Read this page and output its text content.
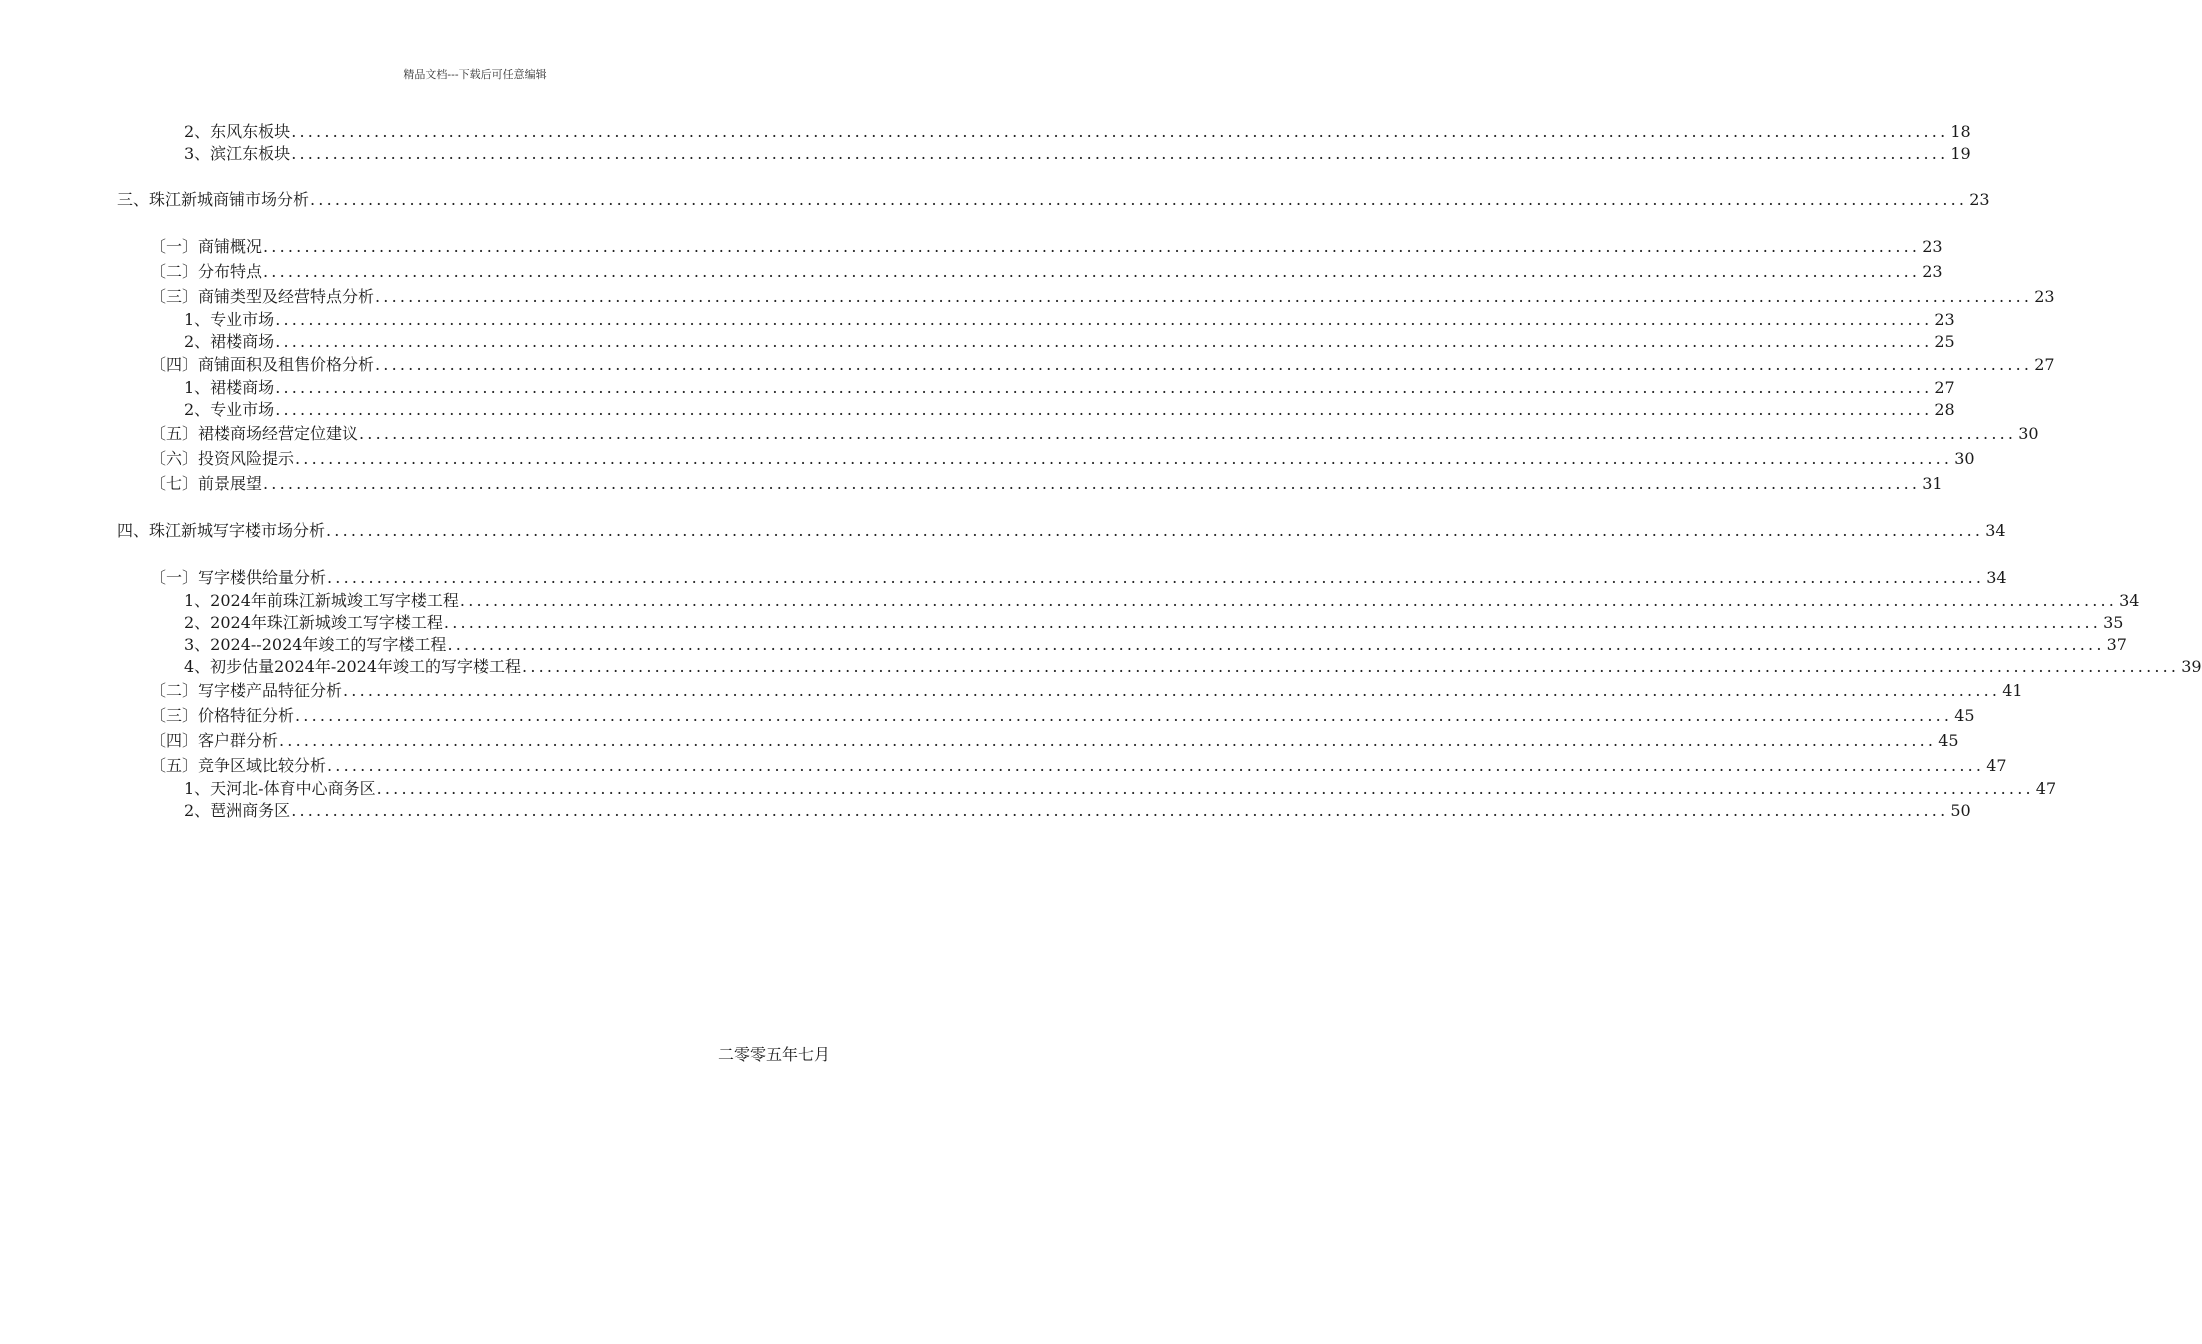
精品文档---下载后可任意编辑
2、东风东板块 ........................................................................................................................................................................................................ 18
3、滨江东板块 ........................................................................................................................................................................................................ 19
三、珠江新城商铺市场分析 ........................................................................................................................................................................................................ 23
〔一〕商铺概况 ........................................................................................................................................................................................................ 23
〔二〕分布特点 ........................................................................................................................................................................................................ 23
〔三〕商铺类型及经营特点分析 ........................................................................................................................................................................................................ 23
1、专业市场 ........................................................................................................................................................................................................ 23
2、裙楼商场 ........................................................................................................................................................................................................ 25
〔四〕商铺面积及租售价格分析 ........................................................................................................................................................................................................ 27
1、裙楼商场 ........................................................................................................................................................................................................ 27
2、专业市场 ........................................................................................................................................................................................................ 28
〔五〕裙楼商场经营定位建议 ........................................................................................................................................................................................................ 30
〔六〕投资风险提示 ........................................................................................................................................................................................................ 30
〔七〕前景展望 ........................................................................................................................................................................................................ 31
四、珠江新城写字楼市场分析 ........................................................................................................................................................................................................ 34
〔一〕写字楼供给量分析 ........................................................................................................................................................................................................ 34
1、2024年前珠江新城竣工写字楼工程 ........................................................................................................................................................................................................ 34
2、2024年珠江新城竣工写字楼工程 ........................................................................................................................................................................................................ 35
3、2024--2024年竣工的写字楼工程 ........................................................................................................................................................................................................ 37
4、初步估量2024年-2024年竣工的写字楼工程 ........................................................................................................................................................................................................ 39
〔二〕写字楼产品特征分析 ........................................................................................................................................................................................................ 41
〔三〕价格特征分析 ........................................................................................................................................................................................................ 45
〔四〕客户群分析 ........................................................................................................................................................................................................ 45
〔五〕竞争区域比较分析 ........................................................................................................................................................................................................ 47
1、天河北-体育中心商务区 ........................................................................................................................................................................................................ 47
2、琶洲商务区 ........................................................................................................................................................................................................ 50
二零零五年七月
